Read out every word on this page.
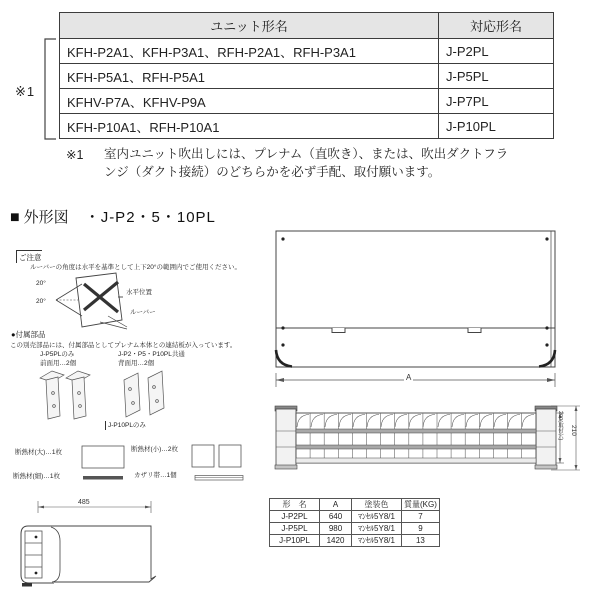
※1
ユニット形名	対応形名
KFH-P2A1、KFH-P3A1、RFH-P2A1、RFH-P3A1	J-P2PL
KFH-P5A1、RFH-P5A1	J-P5PL
KFHV-P7A、KFHV-P9A	J-P7PL
KFH-P10A1、RFH-P10A1	J-P10PL
※1 室内ユニット吹出しには、プレナム（直吹き）、または、吹出ダクトフラ
ンジ（ダクト接続）のどちらかを必ず手配、取付願います。
■ 外形図 ・J-P2・5・10PL
ご注意
ルーバーの角度は水平を基準として上下20°の範囲内でご使用ください。
20°
20°
水平位置
ルーバー
●付属部品
この別売部品には、付属部品としてプレナム本体との連結板が入っています。
J-P5PLのみ
前面用…2個
J-P2・P5・P10PL共通
背面用…2個
J-P10PLのみ
断熱材(大)…1枚	断熱材(小)…2枚
断熱材(細)…1枚	カザリ帯…1個
A
200(取付穴) 210
485	形　名	A	塗装色	質量(KG)
J-P2PL	640	ﾏﾝｾﾙ5Y8/1	7
J-P5PL	980	ﾏﾝｾﾙ5Y8/1	9
J-P10PL	1420	ﾏﾝｾﾙ5Y8/1	13
